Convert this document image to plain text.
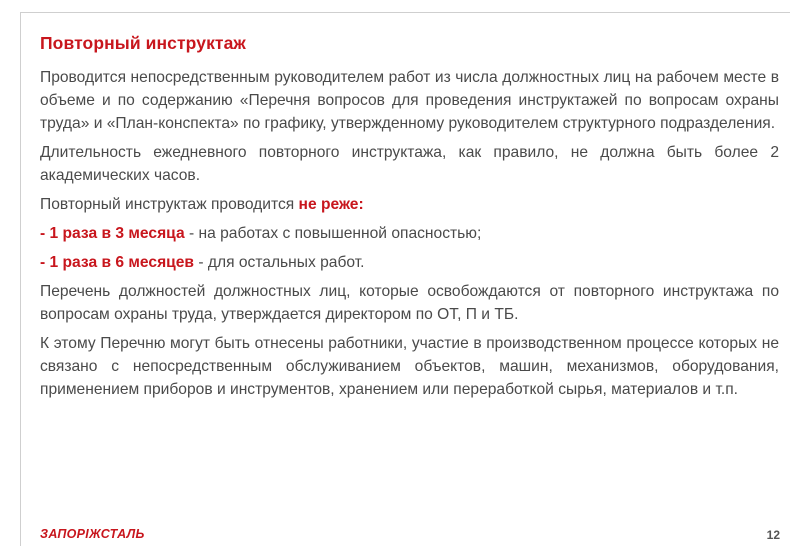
Повторный инструктаж

Проводится непосредственным руководителем работ из числа должностных лиц на рабочем месте в объеме и по содержанию «Перечня вопросов для проведения инструктажей по вопросам охраны труда» и «План-конспекта» по графику, утвержденному руководителем структурного подразделения.

Длительность ежедневного повторного инструктажа, как правило, не должна быть более 2 академических часов.

Повторный инструктаж проводится не реже:

- 1 раза в 3 месяца - на работах с повышенной опасностью;

- 1 раза в 6 месяцев - для остальных работ.

Перечень должностей должностных лиц, которые освобождаются от повторного инструктажа по вопросам охраны труда, утверждается директором по ОТ, П и ТБ.

К этому Перечню могут быть отнесены работники, участие в производственном процессе которых не связано с непосредственным обслуживанием объектов, машин, механизмов, оборудования, применением приборов и инструментов, хранением или переработкой сырья, материалов и т.п.

ЗАПОРІЖСТАЛЬ	12
